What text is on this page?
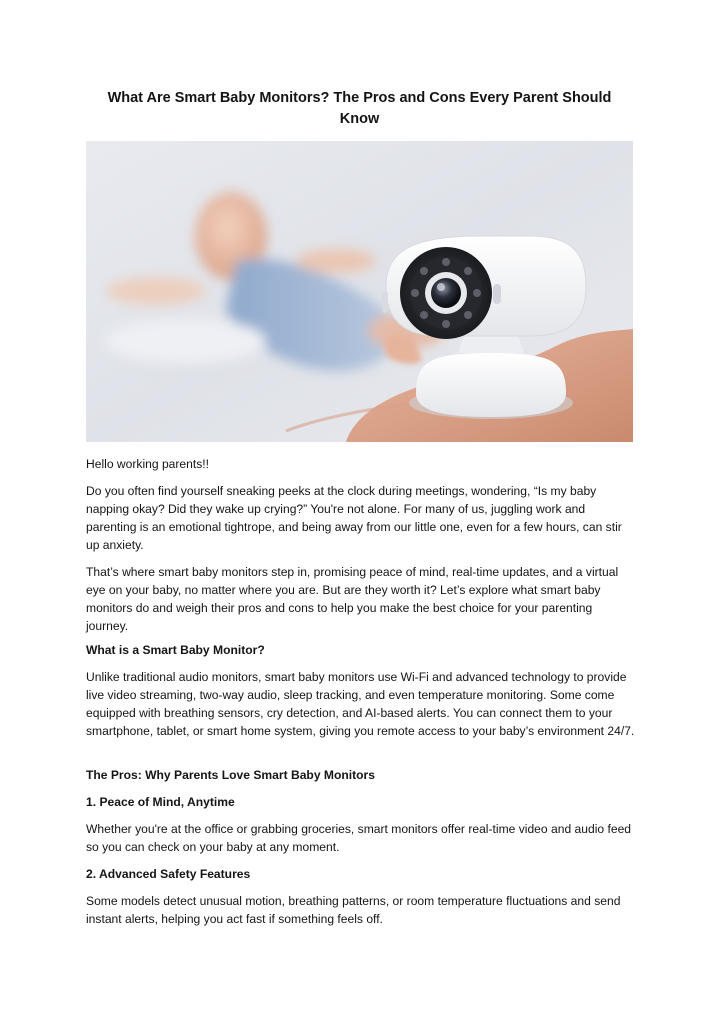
What Are Smart Baby Monitors? The Pros and Cons Every Parent Should Know

Hello working parents!!

Do you often find yourself sneaking peeks at the clock during meetings, wondering, “Is my baby napping okay? Did they wake up crying?” You're not alone. For many of us, juggling work and parenting is an emotional tightrope, and being away from our little one, even for a few hours, can stir up anxiety.

That’s where smart baby monitors step in, promising peace of mind, real-time updates, and a virtual eye on your baby, no matter where you are. But are they worth it? Let’s explore what smart baby monitors do and weigh their pros and cons to help you make the best choice for your parenting journey.

What is a Smart Baby Monitor?

Unlike traditional audio monitors, smart baby monitors use Wi-Fi and advanced technology to provide live video streaming, two-way audio, sleep tracking, and even temperature monitoring. Some come equipped with breathing sensors, cry detection, and AI-based alerts. You can connect them to your smartphone, tablet, or smart home system, giving you remote access to your baby’s environment 24/7.

The Pros: Why Parents Love Smart Baby Monitors
1. Peace of Mind, Anytime

Whether you're at the office or grabbing groceries, smart monitors offer real-time video and audio feed so you can check on your baby at any moment.

2. Advanced Safety Features

Some models detect unusual motion, breathing patterns, or room temperature fluctuations and send instant alerts, helping you act fast if something feels off.
